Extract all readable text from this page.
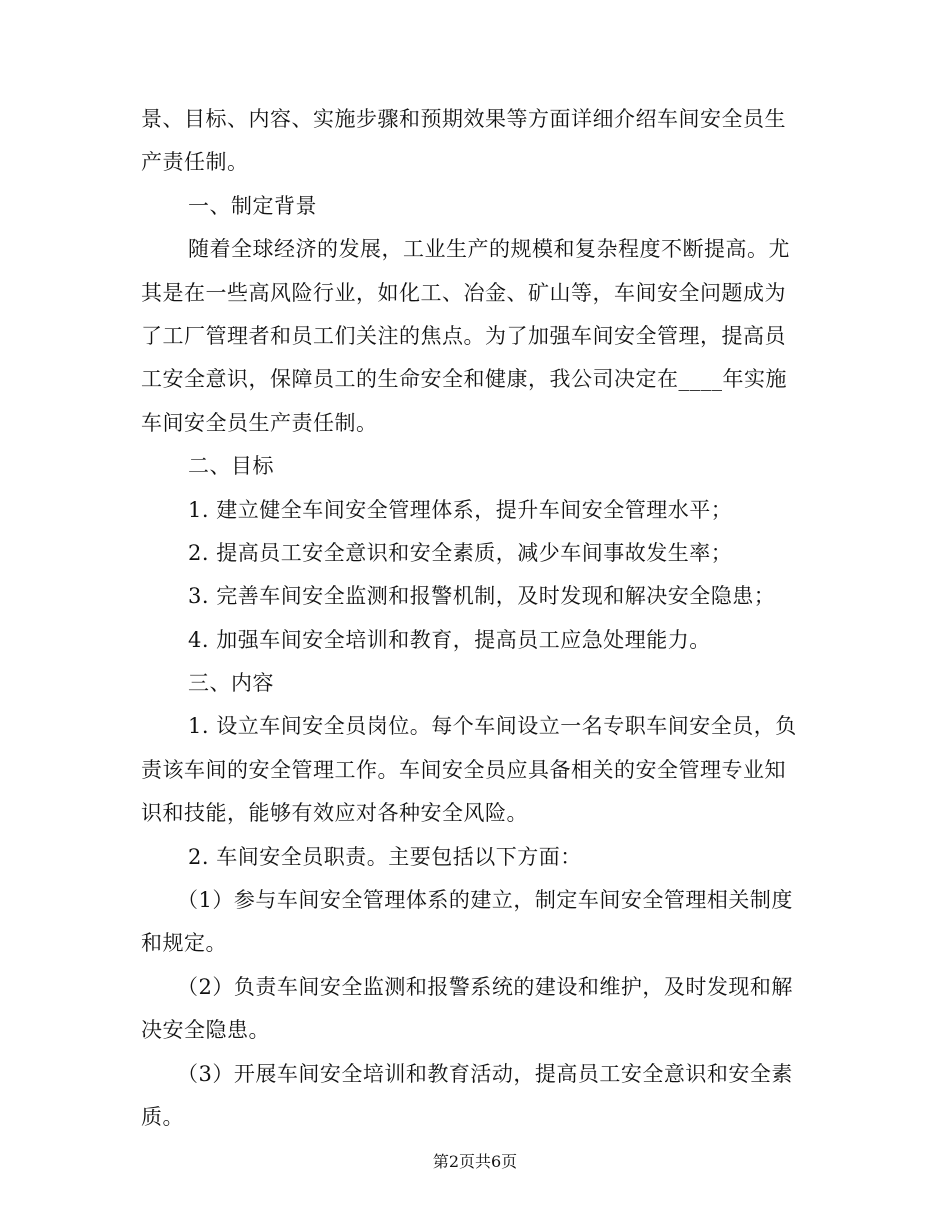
景、目标、内容、实施步骤和预期效果等方面详细介绍车间安全员生
产责任制。
一、制定背景
随着全球经济的发展，工业生产的规模和复杂程度不断提高。尤
其是在一些高风险行业，如化工、冶金、矿山等，车间安全问题成为
了工厂管理者和员工们关注的焦点。为了加强车间安全管理，提高员
工安全意识，保障员工的生命安全和健康，我公司决定在____年实施
车间安全员生产责任制。
二、目标
1. 建立健全车间安全管理体系，提升车间安全管理水平；
2. 提高员工安全意识和安全素质，减少车间事故发生率；
3. 完善车间安全监测和报警机制，及时发现和解决安全隐患；
4. 加强车间安全培训和教育，提高员工应急处理能力。
三、内容
1. 设立车间安全员岗位。每个车间设立一名专职车间安全员，负
责该车间的安全管理工作。车间安全员应具备相关的安全管理专业知
识和技能，能够有效应对各种安全风险。
2. 车间安全员职责。主要包括以下方面：
（1）参与车间安全管理体系的建立，制定车间安全管理相关制度
和规定。
（2）负责车间安全监测和报警系统的建设和维护，及时发现和解
决安全隐患。
（3）开展车间安全培训和教育活动，提高员工安全意识和安全素
质。
第2页共6页
